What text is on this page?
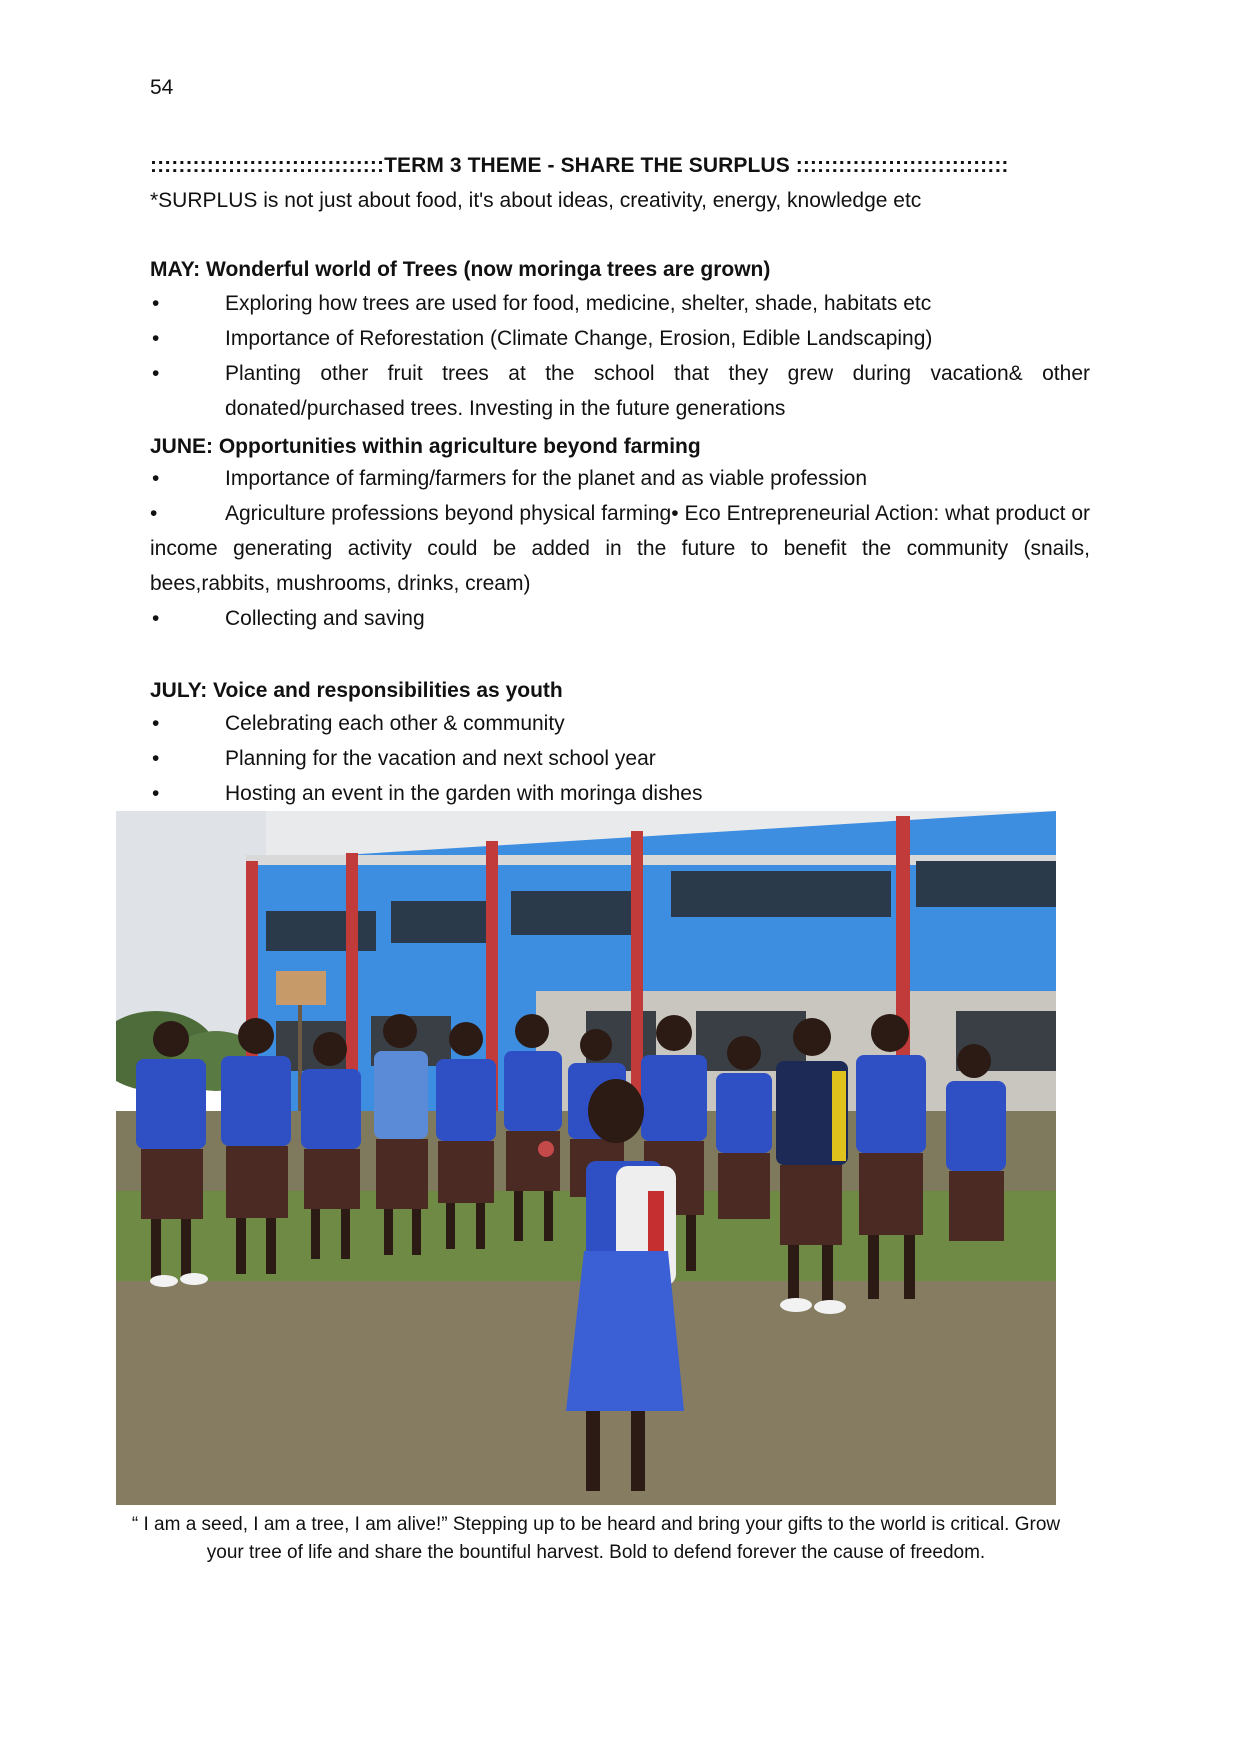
54
:::::::::::::::::::::::::::::::::TERM 3 THEME - SHARE THE SURPLUS ::::::::::::::::::::::::::::::
*SURPLUS is not just about food, it's about ideas, creativity, energy, knowledge etc
MAY: Wonderful world of Trees (now moringa trees are grown)
•	Exploring how trees are used for food, medicine, shelter, shade, habitats etc
•	Importance of Reforestation (Climate Change, Erosion, Edible Landscaping)
•	Planting other fruit trees at the school that they grew during vacation& other donated/purchased trees. Investing in the future generations
JUNE: Opportunities within agriculture beyond farming
•	Importance of farming/farmers for the planet and as viable profession
•	Agriculture professions beyond physical farming• Eco Entrepreneurial Action: what product or income generating activity could be added in the future to benefit the community (snails, bees,rabbits, mushrooms, drinks, cream)
•	Collecting and saving
JULY: Voice and responsibilities as youth
•	Celebrating each other & community
•	Planning for the vacation and next school year
•	Hosting an event in the garden with moringa dishes
“ I am a seed, I am a tree, I am alive!” Stepping up to be heard and bring your gifts to the world is critical. Grow your tree of life and share the bountiful harvest. Bold to defend forever the cause of freedom.
